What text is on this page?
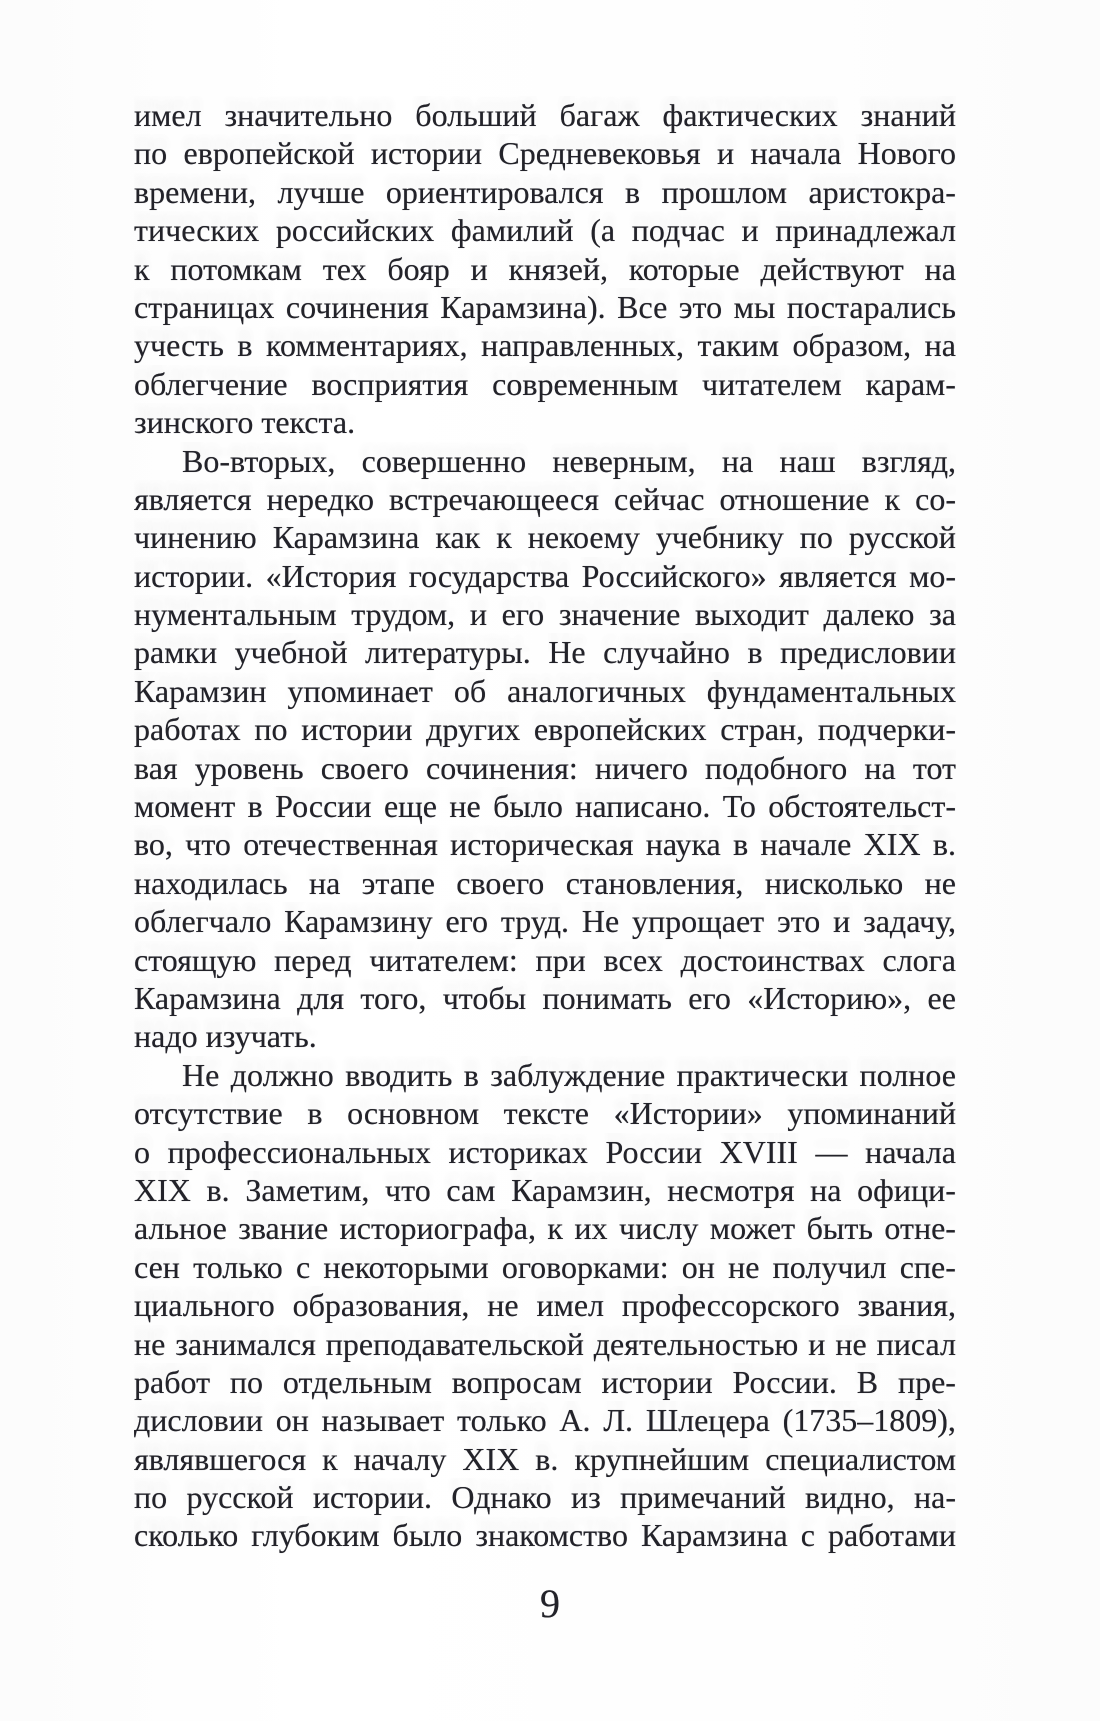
имел значительно больший багаж фактических знаний
по европейской истории Средневековья и начала Нового
времени, лучше ориентировался в прошлом аристокра-
тических российских фамилий (а подчас и принадлежал
к потомкам тех бояр и князей, которые действуют на
страницах сочинения Карамзина). Все это мы постарались
учесть в комментариях, направленных, таким образом, на
облегчение восприятия современным читателем карам-
зинского текста.
Во-вторых, совершенно неверным, на наш взгляд,
является нередко встречающееся сейчас отношение к со-
чинению Карамзина как к некоему учебнику по русской
истории. «История государства Российского» является мо-
нументальным трудом, и его значение выходит далеко за
рамки учебной литературы. Не случайно в предисловии
Карамзин упоминает об аналогичных фундаментальных
работах по истории других европейских стран, подчерки-
вая уровень своего сочинения: ничего подобного на тот
момент в России еще не было написано. То обстоятельст-
во, что отечественная историческая наука в начале XIX в.
находилась на этапе своего становления, нисколько не
облегчало Карамзину его труд. Не упрощает это и задачу,
стоящую перед читателем: при всех достоинствах слога
Карамзина для того, чтобы понимать его «Историю», ее
надо изучать.
Не должно вводить в заблуждение практически полное
отсутствие в основном тексте «Истории» упоминаний
о профессиональных историках России XVIII — начала
XIX в. Заметим, что сам Карамзин, несмотря на офици-
альное звание историографа, к их числу может быть отне-
сен только с некоторыми оговорками: он не получил спе-
циального образования, не имел профессорского звания,
не занимался преподавательской деятельностью и не писал
работ по отдельным вопросам истории России. В пре-
дисловии он называет только А. Л. Шлецера (1735–1809),
являвшегося к началу XIX в. крупнейшим специалистом
по русской истории. Однако из примечаний видно, на-
сколько глубоким было знакомство Карамзина с работами
9
